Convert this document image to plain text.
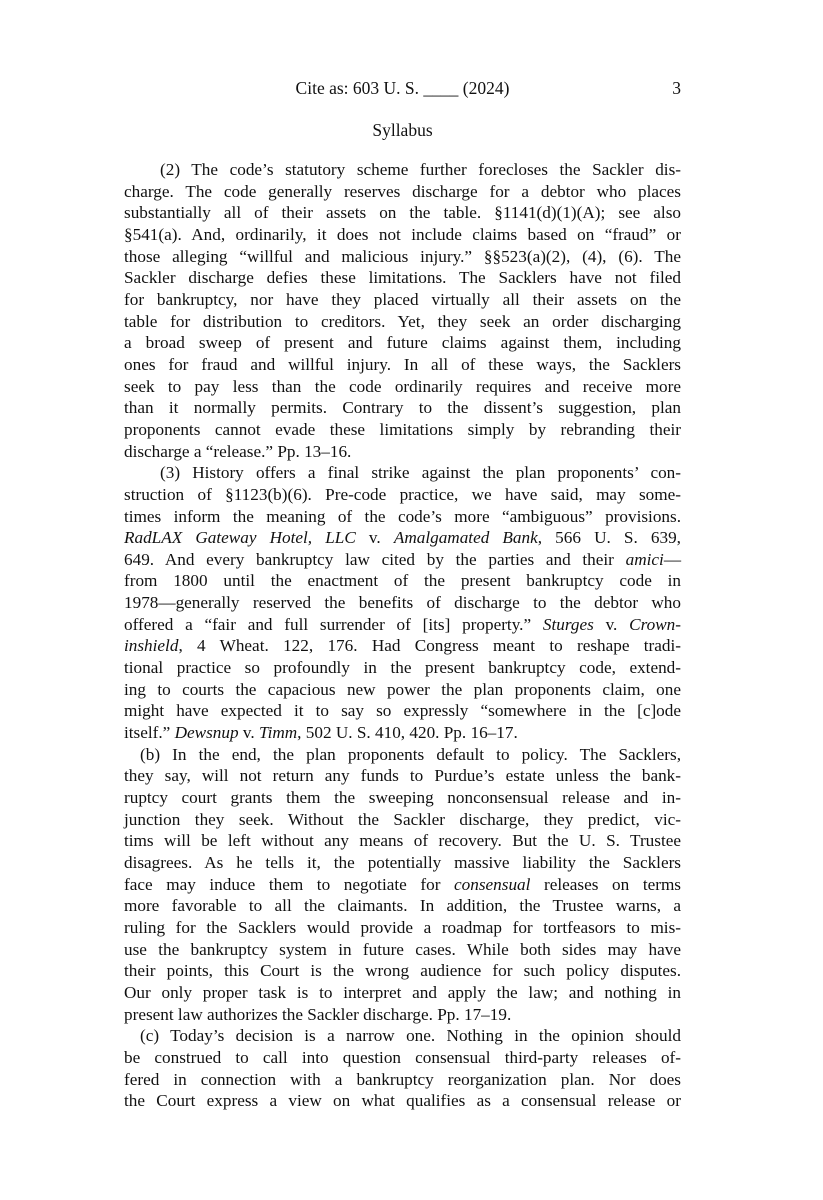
Cite as: 603 U. S. ____ (2024)	3
Syllabus
(2) The code’s statutory scheme further forecloses the Sackler dis-
charge. The code generally reserves discharge for a debtor who places
substantially all of their assets on the table. §1141(d)(1)(A); see also
§541(a). And, ordinarily, it does not include claims based on “fraud” or
those alleging “willful and malicious injury.” §§523(a)(2), (4), (6). The
Sackler discharge defies these limitations. The Sacklers have not filed
for bankruptcy, nor have they placed virtually all their assets on the
table for distribution to creditors. Yet, they seek an order discharging
a broad sweep of present and future claims against them, including
ones for fraud and willful injury. In all of these ways, the Sacklers
seek to pay less than the code ordinarily requires and receive more
than it normally permits. Contrary to the dissent’s suggestion, plan
proponents cannot evade these limitations simply by rebranding their
discharge a “release.” Pp. 13–16.
(3) History offers a final strike against the plan proponents’ con-
struction of §1123(b)(6). Pre-code practice, we have said, may some-
times inform the meaning of the code’s more “ambiguous” provisions.
RadLAX Gateway Hotel, LLC v. Amalgamated Bank, 566 U. S. 639,
649. And every bankruptcy law cited by the parties and their amici—
from 1800 until the enactment of the present bankruptcy code in
1978—generally reserved the benefits of discharge to the debtor who
offered a “fair and full surrender of [its] property.” Sturges v. Crown-
inshield, 4 Wheat. 122, 176. Had Congress meant to reshape tradi-
tional practice so profoundly in the present bankruptcy code, extend-
ing to courts the capacious new power the plan proponents claim, one
might have expected it to say so expressly “somewhere in the [c]ode
itself.” Dewsnup v. Timm, 502 U. S. 410, 420. Pp. 16–17.
(b) In the end, the plan proponents default to policy. The Sacklers,
they say, will not return any funds to Purdue’s estate unless the bank-
ruptcy court grants them the sweeping nonconsensual release and in-
junction they seek. Without the Sackler discharge, they predict, vic-
tims will be left without any means of recovery. But the U. S. Trustee
disagrees. As he tells it, the potentially massive liability the Sacklers
face may induce them to negotiate for consensual releases on terms
more favorable to all the claimants. In addition, the Trustee warns, a
ruling for the Sacklers would provide a roadmap for tortfeasors to mis-
use the bankruptcy system in future cases. While both sides may have
their points, this Court is the wrong audience for such policy disputes.
Our only proper task is to interpret and apply the law; and nothing in
present law authorizes the Sackler discharge. Pp. 17–19.
(c) Today’s decision is a narrow one. Nothing in the opinion should
be construed to call into question consensual third-party releases of-
fered in connection with a bankruptcy reorganization plan. Nor does
the Court express a view on what qualifies as a consensual release or
